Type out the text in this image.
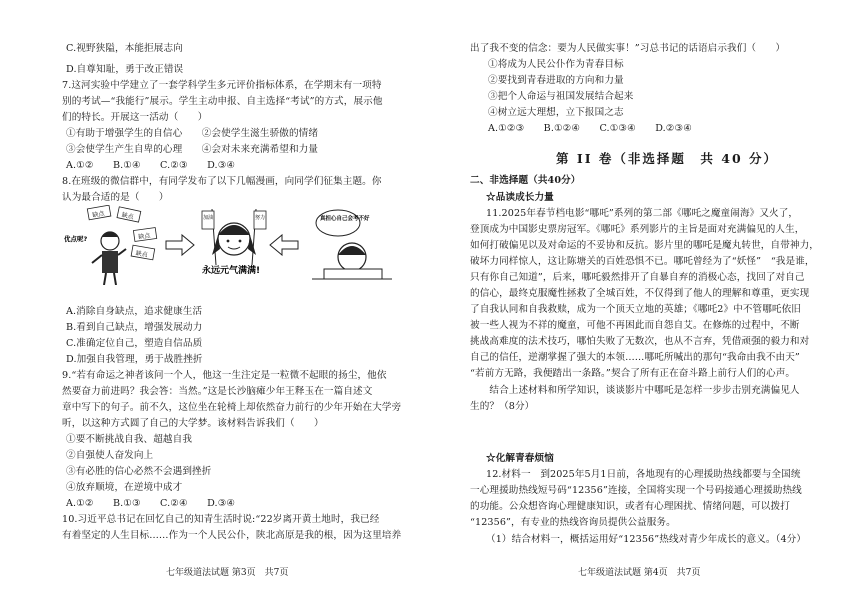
C.视野狭隘，本能拒展志向
D.自尊知耻，勇于改正错误
7.这河实验中学建立了一套学科学生多元评价指标体系，在学期末有一项特
别的考试—“我能行”展示。学生主动申报、自主选择“考试”的方式，展示他
们的特长。开展这一活动（　　）
①有助于增强学生的自信心　　②会使学生滋生骄傲的情绪
③会使学生产生自卑的心理　　④会对未来充满希望和力量
A.①②　　B.①④　　C.②③　　D.③④
8.在班级的微信群中，有同学发布了以下几幅漫画，向同学们征集主题。你
认为最合适的是（　　）
缺点	缺点
缺点
缺点
优点呢?
加油	努力
永远元气满满!
真担心自己会考不好
A.消除自身缺点，追求健康生活
B.看到自己缺点，增强发展动力
C.准确定位自己，塑造自信品质
D.加强自我管理，勇于战胜挫折
9.“若有命运之神者该问一个人，他这一生注定是一粒微不起眼的扬尘，他依
然要奋力前进吗？我会答：当然。”这是长沙脑瘫少年王释玉在一篇自述文
章中写下的句子。前不久，这位坐在轮椅上却依然奋力前行的少年开始在大学旁
听，以这种方式圆了自己的大学梦。该材料告诉我们（　　）
①要不断挑战自我、超越自我
②自强使人奋发向上
③有必胜的信心必然不会遇到挫折
④放弃顺境，在逆境中成才
A.①②　　B.①③　　C.②④　　D.③④
10.习近平总书记在回忆自己的知青生活时说:“22岁离开黄土地时，我已经
有着坚定的人生目标……作为一个人民公仆，陕北高原是我的根，因为这里培养
七年级道法试题 第3页　共7页
出了我不变的信念：要为人民做实事！”习总书记的话语启示我们（　　）
①将成为人民公仆作为青春目标
②要找到青春进取的方向和力量
③把个人命运与祖国发展结合起来
④树立远大理想，立下报国之志
A.①②③　　B.①②④　　C.①③④　　D.②③④
第 II 卷（非选择题　共 40 分）
二、非选择题（共40分）
☆品读成长力量
11.2025年春节档电影“哪吒”系列的第二部《哪吒之魔童闹海》又火了，
登顶成为中国影史票房冠军。《哪吒》系列影片的主旨是面对充满偏见的人生，
如何打破偏见以及对命运的不妥协和反抗。影片里的哪吒是魔丸转世，自带神力，
破坏力同样惊人，这让陈塘关的百姓恐惧不已。哪吒曾经为了“妖怪”　“我是谁，
只有你自己知道”，后来，哪吒毅然排开了自暴自弃的消极心态，找回了对自己
的信心，最终克服魔性拯救了全城百姓，不仅得到了他人的理解和尊重，更实现
了自我认同和自我救赎，成为一个顶天立地的英雄；《哪吒2》中不管哪吒依旧
被一些人视为不祥的魔童，可他不再困此而自怨自艾。在修炼的过程中，不断
挑战高难度的法术技巧，哪怕失败了无数次，也从不言弃，凭借顽强的毅力和对
自己的信任，逆潮掌握了强大的本领……哪吒所喊出的那句“我命由我不由天”
“若前方无路，我便踏出一条路。”契合了所有正在奋斗路上前行人们的心声。
　　结合上述材料和所学知识，谈谈影片中哪吒是怎样一步步击别充满偏见人
生的？（8分）
☆化解青春烦恼
12.材料一　到2025年5月1日前，各地现有的心理援助热线都要与全国统
一心理援助热线短号码“12356”连接，全国将实现一个号码接通心理援助热线
的功能。公众想咨询心理健康知识，或者有心理困扰、情绪问题，可以拨打
“12356”，有专业的热线咨询员提供公益服务。
（1）结合材料一，概括运用好“12356”热线对青少年成长的意义。（4分）
七年级道法试题 第4页　共7页
